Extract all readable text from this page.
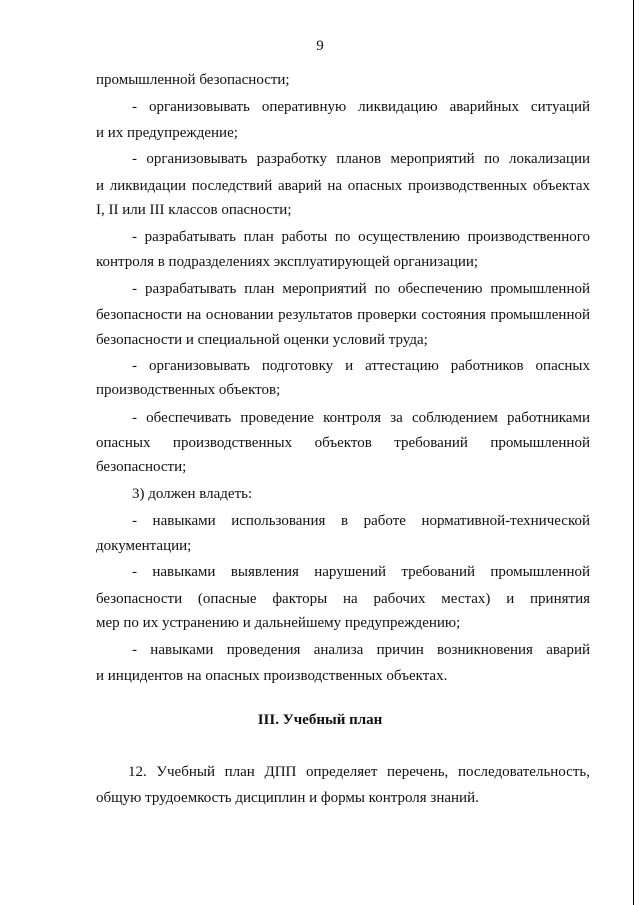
9
промышленной безопасности;
- организовывать оперативную ликвидацию аварийных ситуаций
и их предупреждение;
- организовывать разработку планов мероприятий по локализации
и ликвидации последствий аварий на опасных производственных объектах
I, II или III классов опасности;
- разрабатывать план работы по осуществлению производственного
контроля в подразделениях эксплуатирующей организации;
- разрабатывать план мероприятий по обеспечению промышленной
безопасности на основании результатов проверки состояния промышленной
безопасности и специальной оценки условий труда;
- организовывать подготовку и аттестацию работников опасных
производственных объектов;
- обеспечивать проведение контроля за соблюдением работниками
опасных производственных объектов требований промышленной
безопасности;
3) должен владеть:
- навыками использования в работе нормативной-технической
документации;
- навыками выявления нарушений требований промышленной
безопасности (опасные факторы на рабочих местах) и принятия
мер по их устранению и дальнейшему предупреждению;
- навыками проведения анализа причин возникновения аварий
и инцидентов на опасных производственных объектах.
III. Учебный план
12. Учебный план ДПП определяет перечень, последовательность,
общую трудоемкость дисциплин и формы контроля знаний.
